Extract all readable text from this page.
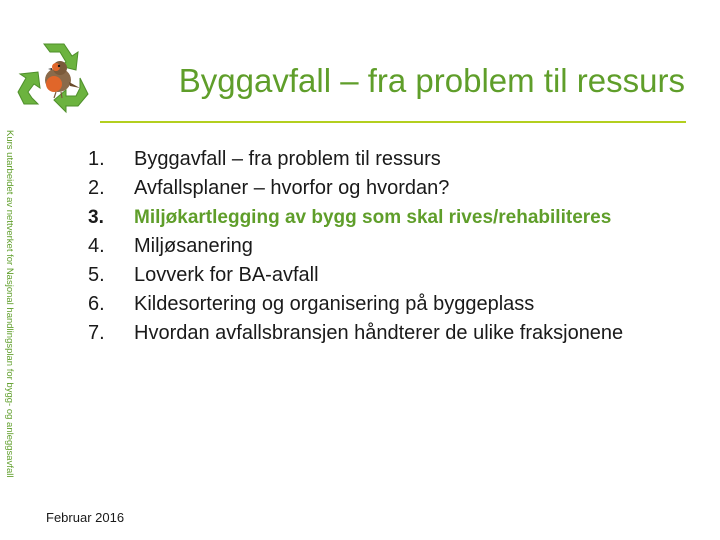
Byggavfall – fra problem til ressurs
Kurs utarbeidet av nettverket for Nasjonal handlingsplan for bygg- og anleggsavfall	1.	Byggavfall – fra problem til ressurs
2.	Avfallsplaner – hvorfor og hvordan?
3.	Miljøkartlegging av bygg som skal rives/rehabiliteres
4.	Miljøsanering
5.	Lovverk for BA-avfall
6.	Kildesortering og organisering på byggeplass
7.	Hvordan avfallsbransjen håndterer de ulike fraksjonene
Februar 2016
